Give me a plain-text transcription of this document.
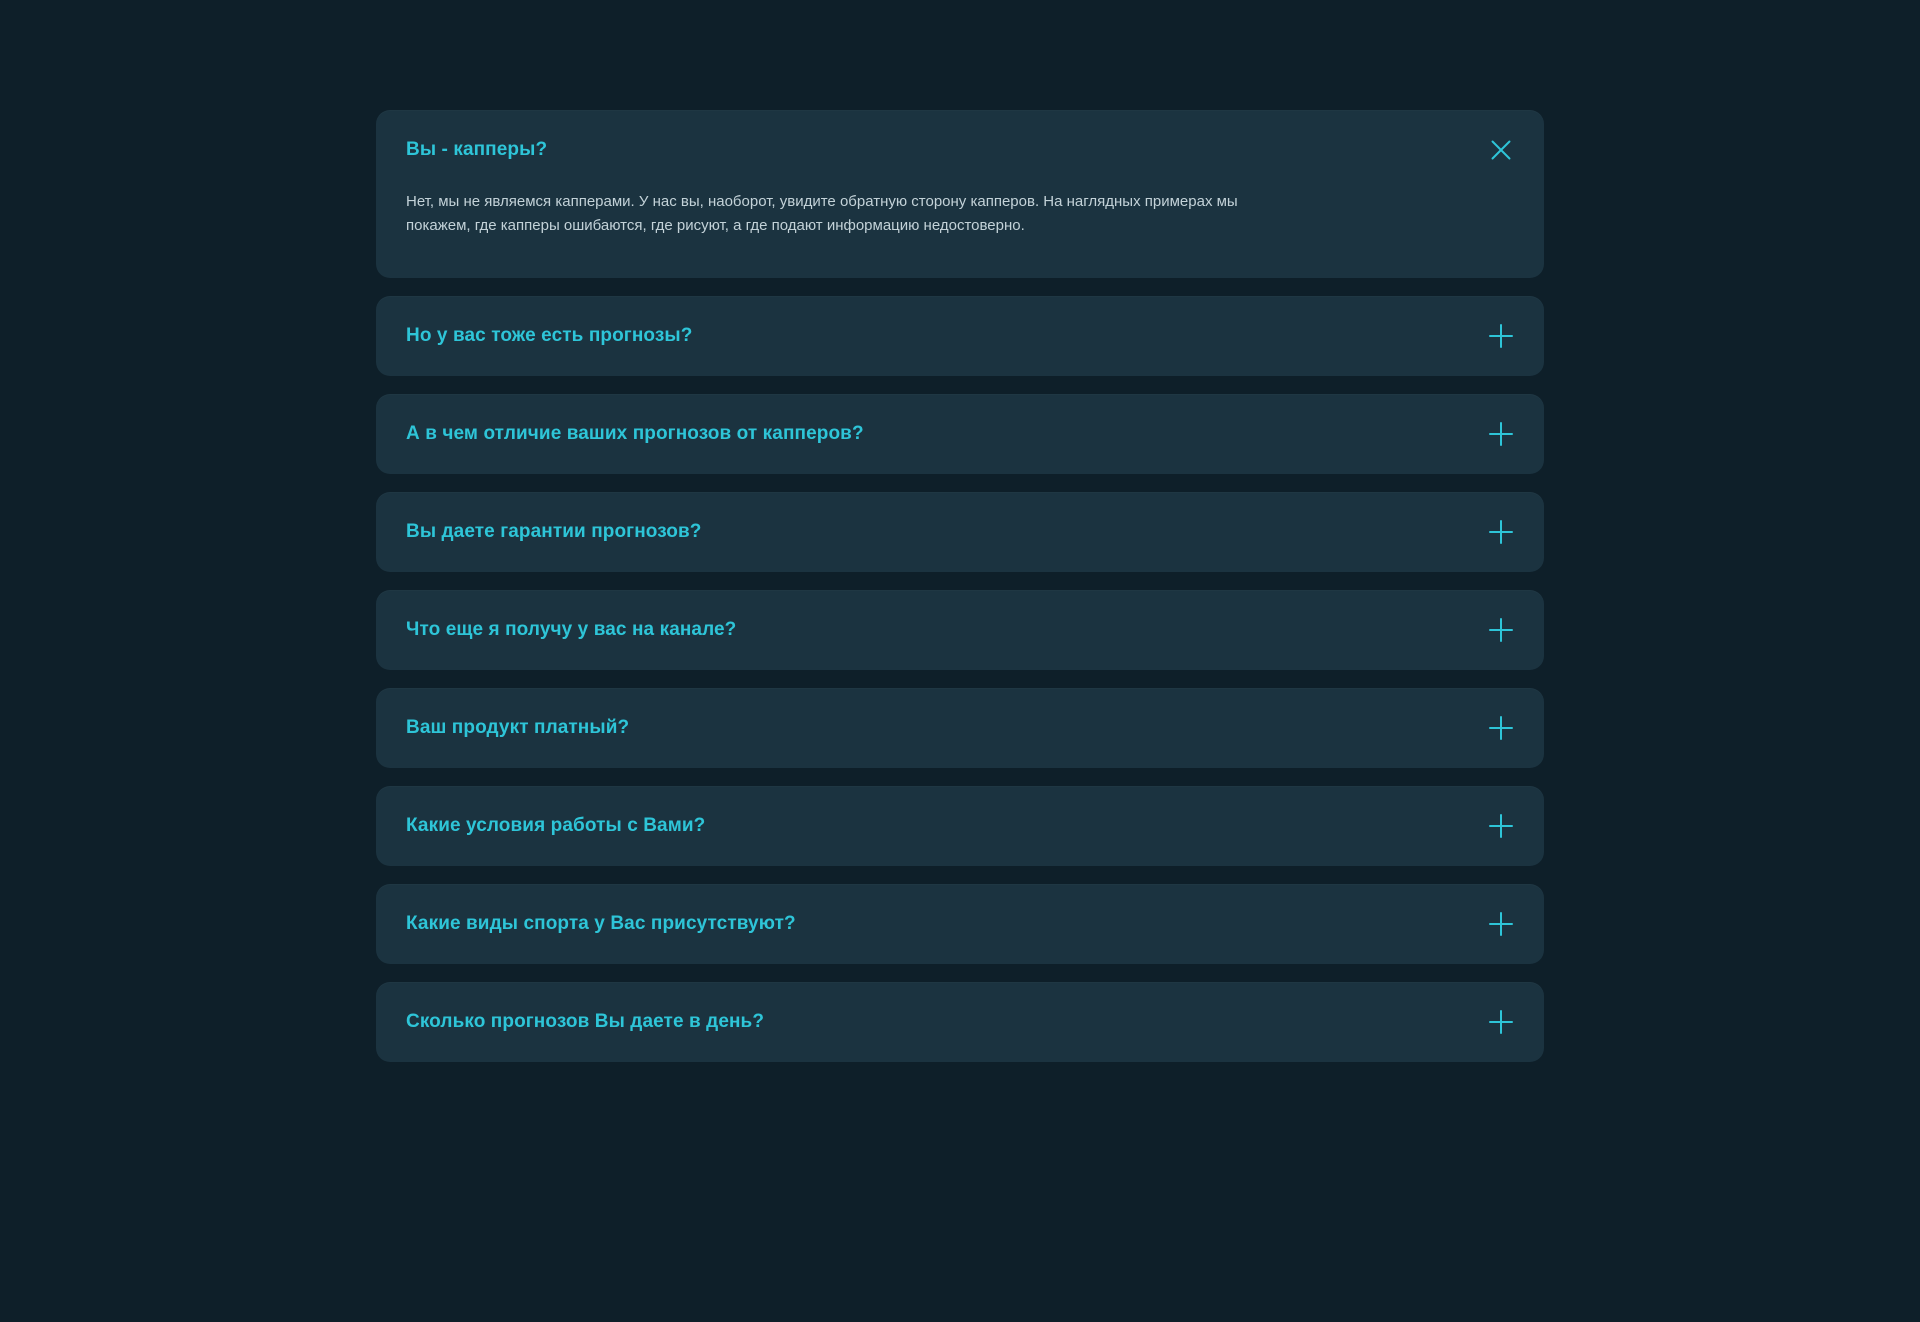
Вы - капперы?
Нет, мы не являемся капперами. У нас вы, наоборот, увидите обратную сторону капперов. На наглядных примерах мы покажем, где капперы ошибаются, где рисуют, а где подают информацию недостоверно.
Но у вас тоже есть прогнозы?
А в чем отличие ваших прогнозов от капперов?
Вы даете гарантии прогнозов?
Что еще я получу у вас на канале?
Ваш продукт платный?
Какие условия работы с Вами?
Какие виды спорта у Вас присутствуют?
Сколько прогнозов Вы даете в день?
